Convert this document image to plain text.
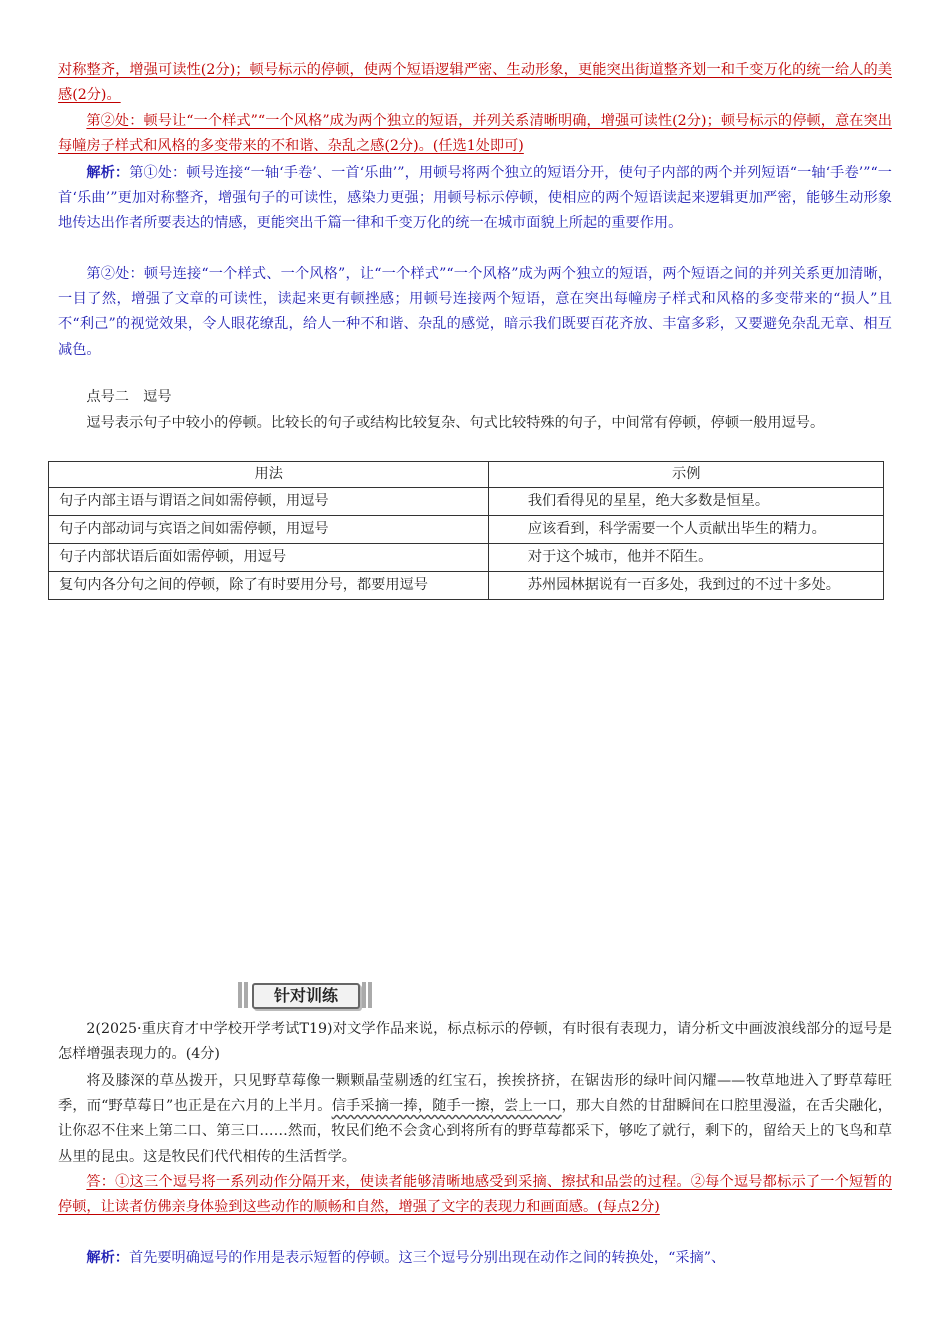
对称整齐，增强可读性(2分)；顿号标示的停顿，使两个短语逻辑严密、生动形象，更能突出街道整齐划一和千变万化的统一给人的美感(2分)。

第②处：顿号让“一个样式”“一个风格”成为两个独立的短语，并列关系清晰明确，增强可读性(2分)；顿号标示的停顿，意在突出每幢房子样式和风格的多变带来的不和谐、杂乱之感(2分)。(任选1处即可)

解析：第①处：顿号连接“一轴‘手卷’、一首‘乐曲’”，用顿号将两个独立的短语分开，使句子内部的两个并列短语“一轴‘手卷’”“一首‘乐曲’”更加对称整齐，增强句子的可读性，感染力更强；用顿号标示停顿，使相应的两个短语读起来逻辑更加严密，能够生动形象地传达出作者所要表达的情感，更能突出千篇一律和千变万化的统一在城市面貌上所起的重要作用。

第②处：顿号连接“一个样式、一个风格”，让“一个样式”“一个风格”成为两个独立的短语，两个短语之间的并列关系更加清晰，一目了然，增强了文章的可读性，读起来更有顿挫感；用顿号连接两个短语，意在突出每幢房子样式和风格的多变带来的“损人”且不“利己”的视觉效果，令人眼花缭乱，给人一种不和谐、杂乱的感觉，暗示我们既要百花齐放、丰富多彩，又要避免杂乱无章、相互减色。

点号二　逗号

逗号表示句子中较小的停顿。比较长的句子或结构比较复杂、句式比较特殊的句子，中间常有停顿，停顿一般用逗号。

用法	示例
句子内部主语与谓语之间如需停顿，用逗号	我们看得见的星星，绝大多数是恒星。
句子内部动词与宾语之间如需停顿，用逗号	应该看到，科学需要一个人贡献出毕生的精力。
句子内部状语后面如需停顿，用逗号	对于这个城市，他并不陌生。
复句内各分句之间的停顿，除了有时要用分号，都要用逗号	苏州园林据说有一百多处，我到过的不过十多处。
针对训练

2(2025·重庆育才中学校开学考试T19)对文学作品来说，标点标示的停顿，有时很有表现力，请分析文中画波浪线部分的逗号是怎样增强表现力的。(4分)

将及膝深的草丛拨开，只见野草莓像一颗颗晶莹剔透的红宝石，挨挨挤挤，在锯齿形的绿叶间闪耀——牧草地进入了野草莓旺季，而“野草莓日”也正是在六月的上半月。信手采摘一捧，随手一擦，尝上一口，那大自然的甘甜瞬间在口腔里漫溢，在舌尖融化，让你忍不住来上第二口、第三口……然而，牧民们绝不会贪心到将所有的野草莓都采下，够吃了就行，剩下的，留给天上的飞鸟和草丛里的昆虫。这是牧民们代代相传的生活哲学。

答：①这三个逗号将一系列动作分隔开来，使读者能够清晰地感受到采摘、擦拭和品尝的过程。②每个逗号都标示了一个短暂的停顿，让读者仿佛亲身体验到这些动作的顺畅和自然，增强了文字的表现力和画面感。(每点2分)

解析：首先要明确逗号的作用是表示短暂的停顿。这三个逗号分别出现在动作之间的转换处，“采摘”、
